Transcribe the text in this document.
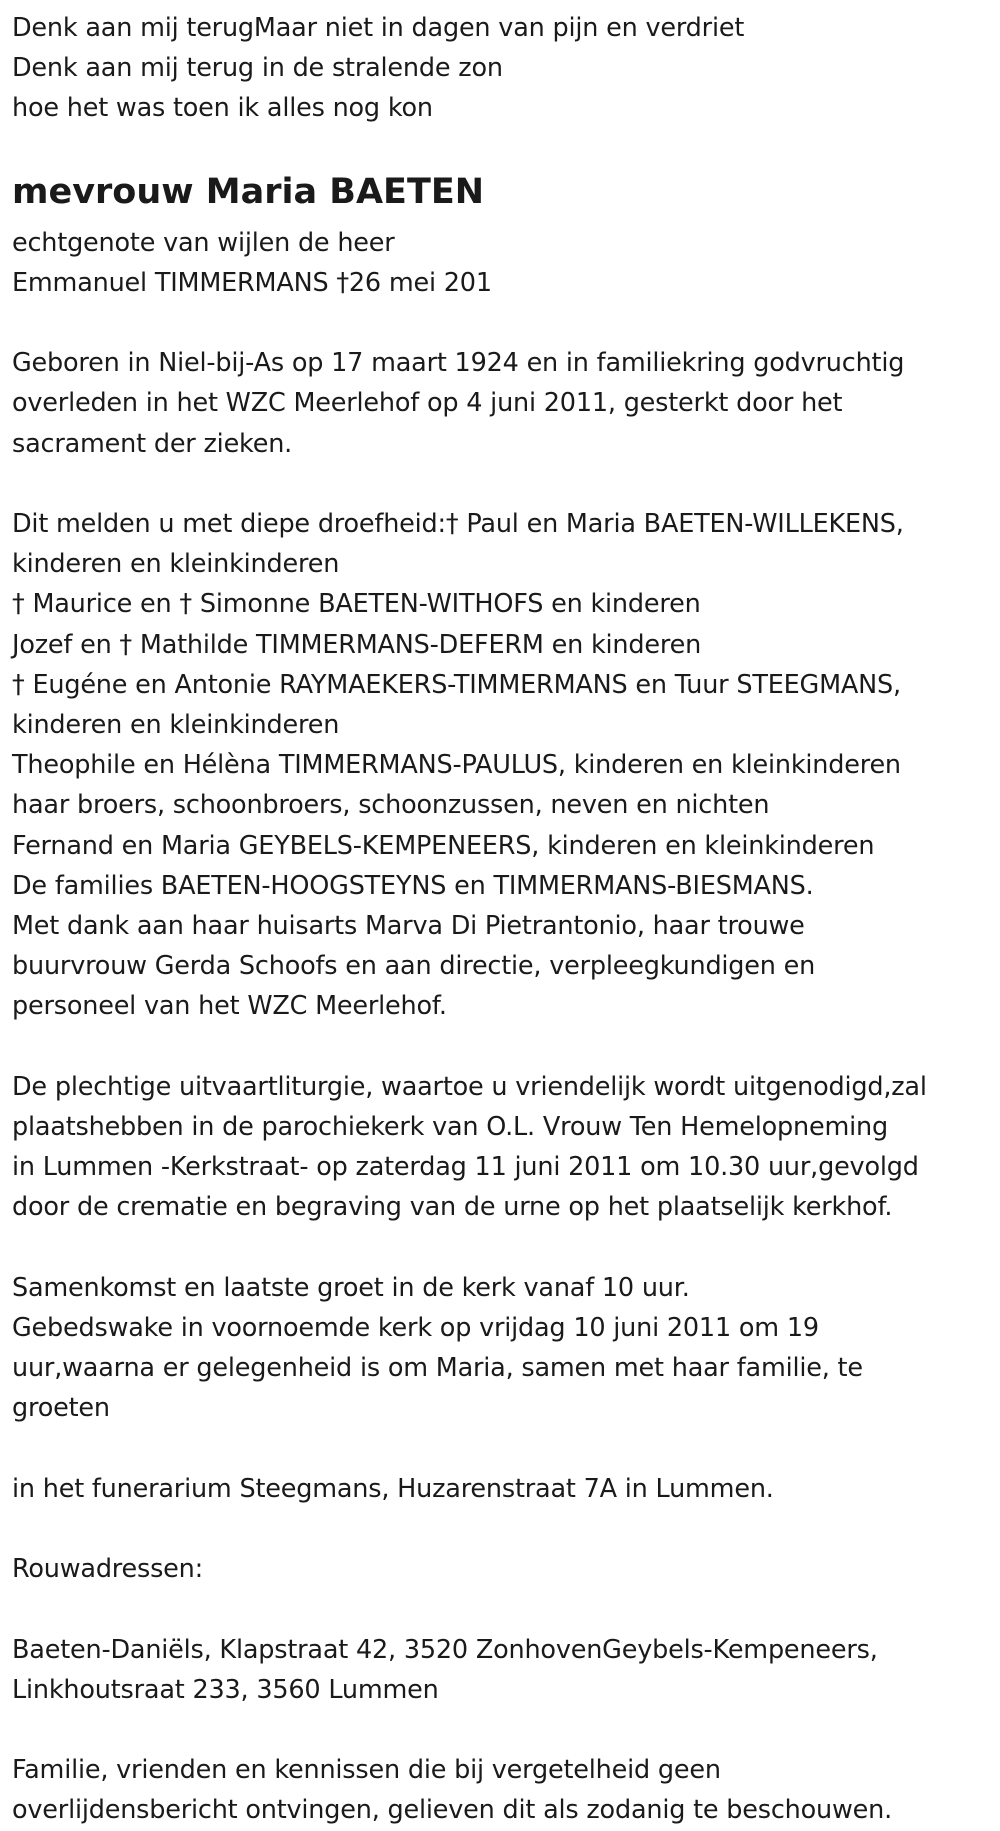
Denk aan mij terugMaar niet in dagen van pijn en verdriet
Denk aan mij terug in de stralende zon
hoe het was toen ik alles nog kon
mevrouw Maria BAETEN
echtgenote van wijlen de heer
Emmanuel TIMMERMANS †26 mei 201
Geboren in Niel-bij-As op 17 maart 1924 en in familiekring godvruchtig
overleden in het WZC Meerlehof op 4 juni 2011, gesterkt door het
sacrament der zieken.
Dit melden u met diepe droefheid:† Paul en Maria BAETEN-WILLEKENS,
kinderen en kleinkinderen
† Maurice en † Simonne BAETEN-WITHOFS en kinderen
Jozef en † Mathilde TIMMERMANS-DEFERM en kinderen
† Eugéne en Antonie RAYMAEKERS-TIMMERMANS en Tuur STEEGMANS,
kinderen en kleinkinderen
Theophile en Hélèna TIMMERMANS-PAULUS, kinderen en kleinkinderen
haar broers, schoonbroers, schoonzussen, neven en nichten
Fernand en Maria GEYBELS-KEMPENEERS, kinderen en kleinkinderen
De families BAETEN-HOOGSTEYNS en TIMMERMANS-BIESMANS.
Met dank aan haar huisarts Marva Di Pietrantonio, haar trouwe
buurvrouw Gerda Schoofs en aan directie, verpleegkundigen en
personeel van het WZC Meerlehof.
De plechtige uitvaartliturgie, waartoe u vriendelijk wordt uitgenodigd,zal
plaatshebben in de parochiekerk van O.L. Vrouw Ten Hemelopneming
in Lummen -Kerkstraat- op zaterdag 11 juni 2011 om 10.30 uur,gevolgd
door de crematie en begraving van de urne op het plaatselijk kerkhof.
Samenkomst en laatste groet in de kerk vanaf 10 uur.
Gebedswake in voornoemde kerk op vrijdag 10 juni 2011 om 19
uur,waarna er gelegenheid is om Maria, samen met haar familie, te
groeten
in het funerarium Steegmans, Huzarenstraat 7A in Lummen.
Rouwadressen:
Baeten-Daniëls, Klapstraat 42, 3520 ZonhovenGeybels-Kempeneers,
Linkhoutsraat 233, 3560 Lummen
Familie, vrienden en kennissen die bij vergetelheid geen
overlijdensbericht ontvingen, gelieven dit als zodanig te beschouwen.
